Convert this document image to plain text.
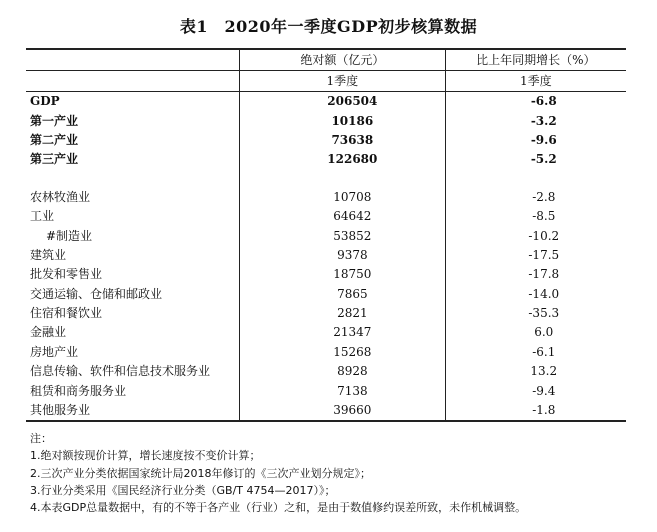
表1　2020年一季度GDP初步核算数据
	绝对额（亿元）	比上年同期增长（%）
	1季度	1季度
GDP	206504	-6.8
第一产业	10186	-3.2
第二产业	73638	-9.6
第三产业	122680	-5.2

农林牧渔业	10708	-2.8
工业	64642	-8.5
#制造业	53852	-10.2
建筑业	9378	-17.5
批发和零售业	18750	-17.8
交通运输、仓储和邮政业	7865	-14.0
住宿和餐饮业	2821	-35.3
金融业	21347	6.0
房地产业	15268	-6.1
信息传输、软件和信息技术服务业	8928	13.2
租赁和商务服务业	7138	-9.4
其他服务业	39660	-1.8
注：
1.绝对额按现价计算，增长速度按不变价计算；
2.三次产业分类依据国家统计局2018年修订的《三次产业划分规定》；
3.行业分类采用《国民经济行业分类（GB/T 4754—2017）》；
4.本表GDP总量数据中，有的不等于各产业（行业）之和，是由于数值修约误差所致，未作机械调整。
